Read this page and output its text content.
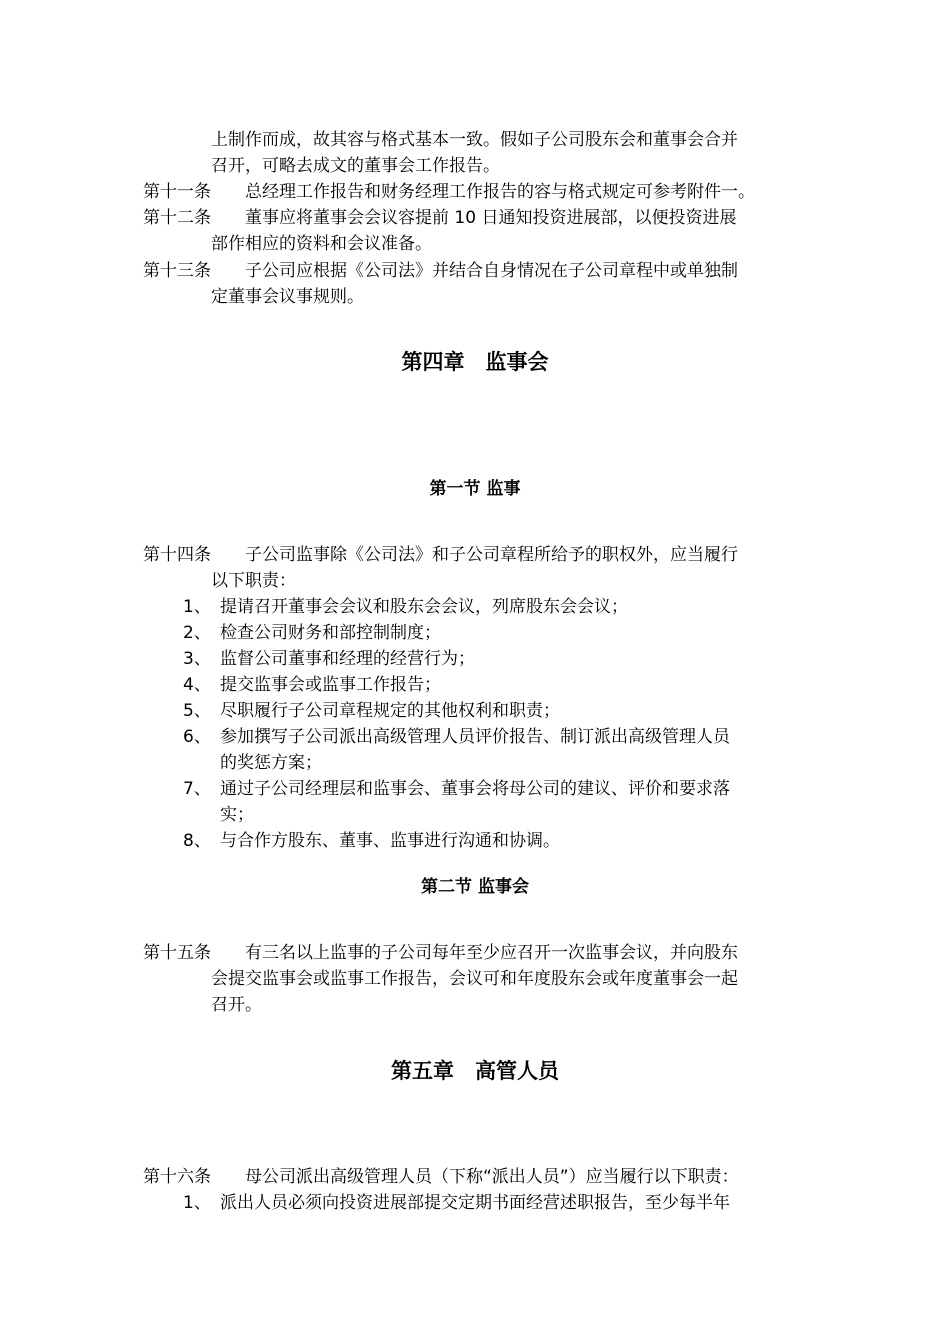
上制作而成，故其容与格式基本一致。假如子公司股东会和董事会合并
召开，可略去成文的董事会工作报告。
第十一条 总经理工作报告和财务经理工作报告的容与格式规定可参考附件一。
第十二条 董事应将董事会会议容提前 10 日通知投资进展部，以便投资进展
部作相应的资料和会议准备。
第十三条 子公司应根据《公司法》并结合自身情况在子公司章程中或单独制
定董事会议事规则。
第四章　监事会
第一节 监事
第十四条 子公司监事除《公司法》和子公司章程所给予的职权外，应当履行
以下职责：
1、 提请召开董事会会议和股东会会议，列席股东会会议；
2、 检查公司财务和部控制制度；
3、 监督公司董事和经理的经营行为；
4、 提交监事会或监事工作报告；
5、 尽职履行子公司章程规定的其他权利和职责；
6、 参加撰写子公司派出高级管理人员评价报告、制订派出高级管理人员
的奖惩方案；
7、 通过子公司经理层和监事会、董事会将母公司的建议、评价和要求落
实；
8、 与合作方股东、董事、监事进行沟通和协调。
第二节 监事会
第十五条 有三名以上监事的子公司每年至少应召开一次监事会议，并向股东
会提交监事会或监事工作报告，会议可和年度股东会或年度董事会一起
召开。
第五章　高管人员
第十六条 母公司派出高级管理人员（下称“派出人员”）应当履行以下职责：
1、 派出人员必须向投资进展部提交定期书面经营述职报告，至少每半年
